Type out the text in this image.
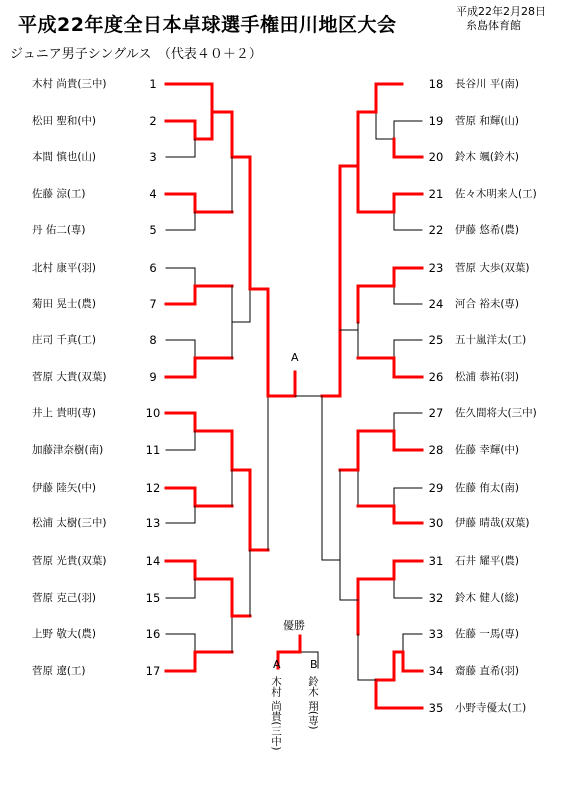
平成22年度全日本卓球選手権田川地区大会
平成22年2月28日
糸島体育館
ジュニア男子シングルス　（代表４０＋２）
木村 尚貴(三中)	1
松田 聖和(中)	2
本間 慎也(山)	3
佐藤 涼(工)	4
丹 佑二(専)	5
北村 康平(羽)	6
菊田 晃士(農)	7
庄司 千真(工)	8
菅原 大貴(双葉)	9
井上 貴明(専)	10
加藤津奈樹(南)	11
伊藤 陸矢(中)	12
松浦 太樹(三中)	13
菅原 光貴(双葉)	14
菅原 克己(羽)	15
上野 敬大(農)	16
菅原 遼(工)	17
18	長谷川 平(南)
19	菅原 和輝(山)
20	鈴木 颯(鈴木)
21	佐々木明来人(工)
22	伊藤 悠希(農)
23	菅原 大歩(双葉)
24	河合 裕未(専)
25	五十嵐洋太(工)
26	松浦 恭祐(羽)
27	佐久間将大(三中)
28	佐藤 幸輝(中)
29	佐藤 侑太(南)
30	伊藤 晴哉(双葉)
31	石井 耀平(農)
32	鈴木 健人(総)
33	佐藤 一馬(専)
34	齋藤 直希(羽)
35	小野寺優太(工)
A
優勝
A	B
木村 尚貴(三中) 鈴木 翔(専)
